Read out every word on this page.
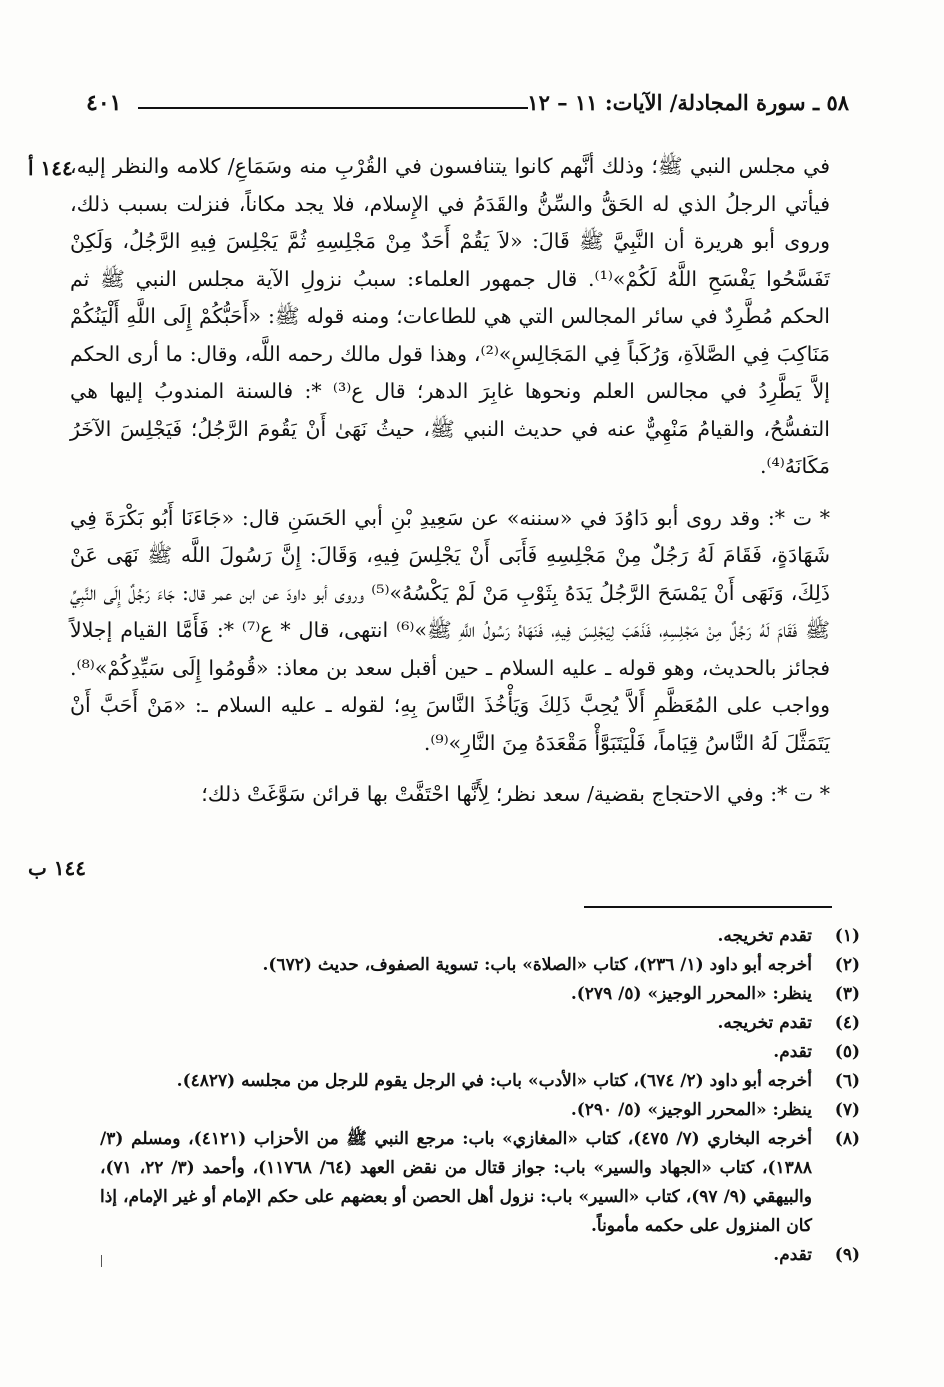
٤٠١	٥٨ ـ سورة المجادلة/ الآيات: ١١ – ١٢
١٤٤ أ
١٤٤ ب

في مجلس النبي ﷺ؛ وذلك أنَّهم كانوا يتنافسون في القُرْبِ منه وسَمَاعِ/ كلامه والنظر إليه، فيأتي الرجلُ الذي له الحَقُّ والسِّنُّ والقَدَمُ في الإِسلام، فلا يجد مكاناً، فنزلت بسبب ذلك، وروى أبو هريرة أن النَّبِيَّ ﷺ قَالَ: «لاَ يَقُمْ أَحَدٌ مِنْ مَجْلِسِهِ ثُمَّ يَجْلِسَ فِيهِ الرَّجُلُ، وَلَكِنْ تَفَسَّحُوا يَفْسَحِ اللَّهُ لَكُمْ»⁽¹⁾. قال جمهور العلماء: سببُ نزولِ الآية مجلس النبي ﷺ ثم الحكم مُطَّرِدٌ في سائر المجالس التي هي للطاعات؛ ومنه قوله ﷺ: «أَحَبُّكُمْ إِلَى اللَّهِ أَلْيَنُكُمْ مَنَاكِبَ فِي الصَّلاَةِ، وَرُكَباً فِي المَجَالِسِ»⁽²⁾، وهذا قول مالك رحمه اللَّه، وقال: ما أرى الحكم إلاَّ يَطَّرِدُ في مجالس العلم ونحوها غابِرَ الدهر؛ قال ع⁽³⁾ *: فالسنة المندوبُ إليها هي التفسُّحُ، والقيامُ مَنْهِيٌّ عنه في حديث النبي ﷺ، حيثُ نَهَىٰ أَنْ يَقُومَ الرَّجُلُ؛ فَيَجْلِسَ الآخَرُ مَكَانَهُ⁽⁴⁾.

* ت *: وقد روى أبو دَاوُدَ في «سننه» عن سَعِيدِ بْنِ أبي الحَسَنِ قال: «جَاءَنَا أَبُو بَكْرَةَ فِي شَهَادَةٍ، فَقَامَ لَهُ رَجُلٌ مِنْ مَجْلِسِهِ فَأَبَى أَنْ يَجْلِسَ فِيهِ، وَقَالَ: إِنَّ رَسُولَ اللَّه ﷺ نَهَى عَنْ ذَلِكَ، وَنَهَى أَنْ يَمْسَحَ الرَّجُلُ يَدَهُ بِثَوْبِ مَنْ لَمْ يَكْسُهُ»⁽⁵⁾ وروى أبو داودَ عن ابن عمر قال: جَاءَ رَجُلٌ إِلَى النَّبِيِّ ﷺ فَقَامَ لَهُ رَجُلٌ مِنْ مَجْلِسِهِ، فَذَهَبَ لِيَجْلِسَ فِيهِ، فَنَهَاهُ رَسُولُ اللَّهِ ﷺ»⁽⁶⁾ انتهى، قال * ع⁽⁷⁾ *: فَأَمَّا القيام إجلالاً فجائز بالحديث، وهو قوله ـ عليه السلام ـ حين أقبل سعد بن معاذ: «قُومُوا إِلَى سَيِّدِكُمْ»⁽⁸⁾. وواجب على المُعَظَّمِ أَلاَّ يُحِبَّ ذَلِكَ وَيَأْخُذَ النَّاسَ بِهِ؛ لقوله ـ عليه السلام ـ: «مَنْ أَحَبَّ أَنْ يَتَمَثَّلَ لَهُ النَّاسُ قِيَاماً، فَلْيَتَبَوَّأْ مَقْعَدَهُ مِنَ النَّارِ»⁽⁹⁾.

* ت *: وفي الاحتجاج بقضية/ سعد نظر؛ لِأَنَّها احْتَفَّتْ بها قرائن سَوَّغَتْ ذلك؛

(١)
تقدم تخريجه.
(٢)
أخرجه أبو داود (١/ ٢٣٦)، كتاب «الصلاة» باب: تسوية الصفوف، حديث (٦٧٢).
(٣)
ينظر: «المحرر الوجيز» (٥/ ٢٧٩).
(٤)
تقدم تخريجه.
(٥)
تقدم.
(٦)
أخرجه أبو داود (٢/ ٦٧٤)، كتاب «الأدب» باب: في الرجل يقوم للرجل من مجلسه (٤٨٢٧).
(٧)
ينظر: «المحرر الوجيز» (٥/ ٢٩٠).
(٨)
أخرجه البخاري (٧/ ٤٧٥)، كتاب «المغازي» باب: مرجع النبي ﷺ من الأحزاب (٤١٢١)، ومسلم (٣/ ١٣٨٨)، كتاب «الجهاد والسير» باب: جواز قتال من نقض العهد (٦٤/ ١١٧٦٨)، وأحمد (٣/ ٢٢، ٧١)، والبيهقي (٩/ ٩٧)، كتاب «السير» باب: نزول أهل الحصن أو بعضهم على حكم الإمام أو غير الإمام، إذا كان المنزول على حكمه مأموناً.
(٩)
تقدم.
